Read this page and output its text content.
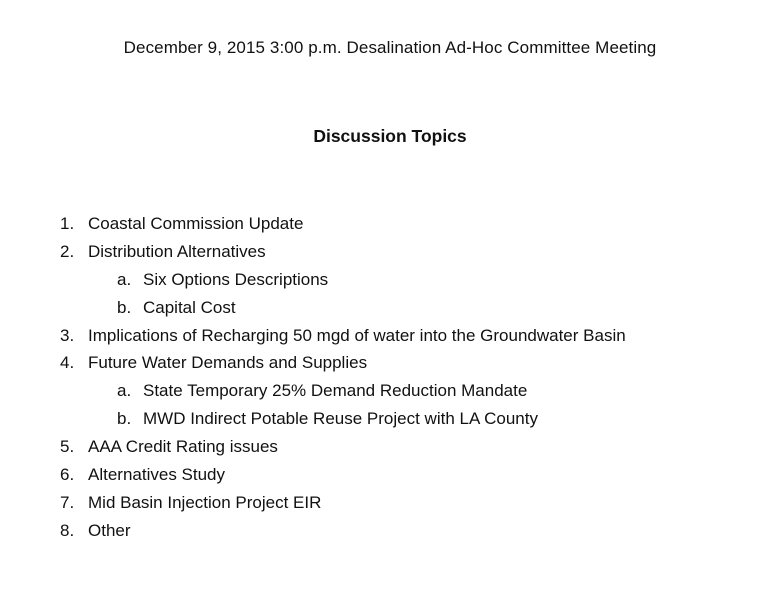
December 9, 2015 3:00 p.m. Desalination Ad-Hoc Committee Meeting
Discussion Topics
1. Coastal Commission Update
2. Distribution Alternatives
a. Six Options Descriptions
b. Capital Cost
3. Implications of Recharging 50 mgd of water into the Groundwater Basin
4. Future Water Demands and Supplies
a. State Temporary 25% Demand Reduction Mandate
b. MWD Indirect Potable Reuse Project with LA County
5. AAA Credit Rating issues
6. Alternatives Study
7. Mid Basin Injection Project EIR
8. Other
